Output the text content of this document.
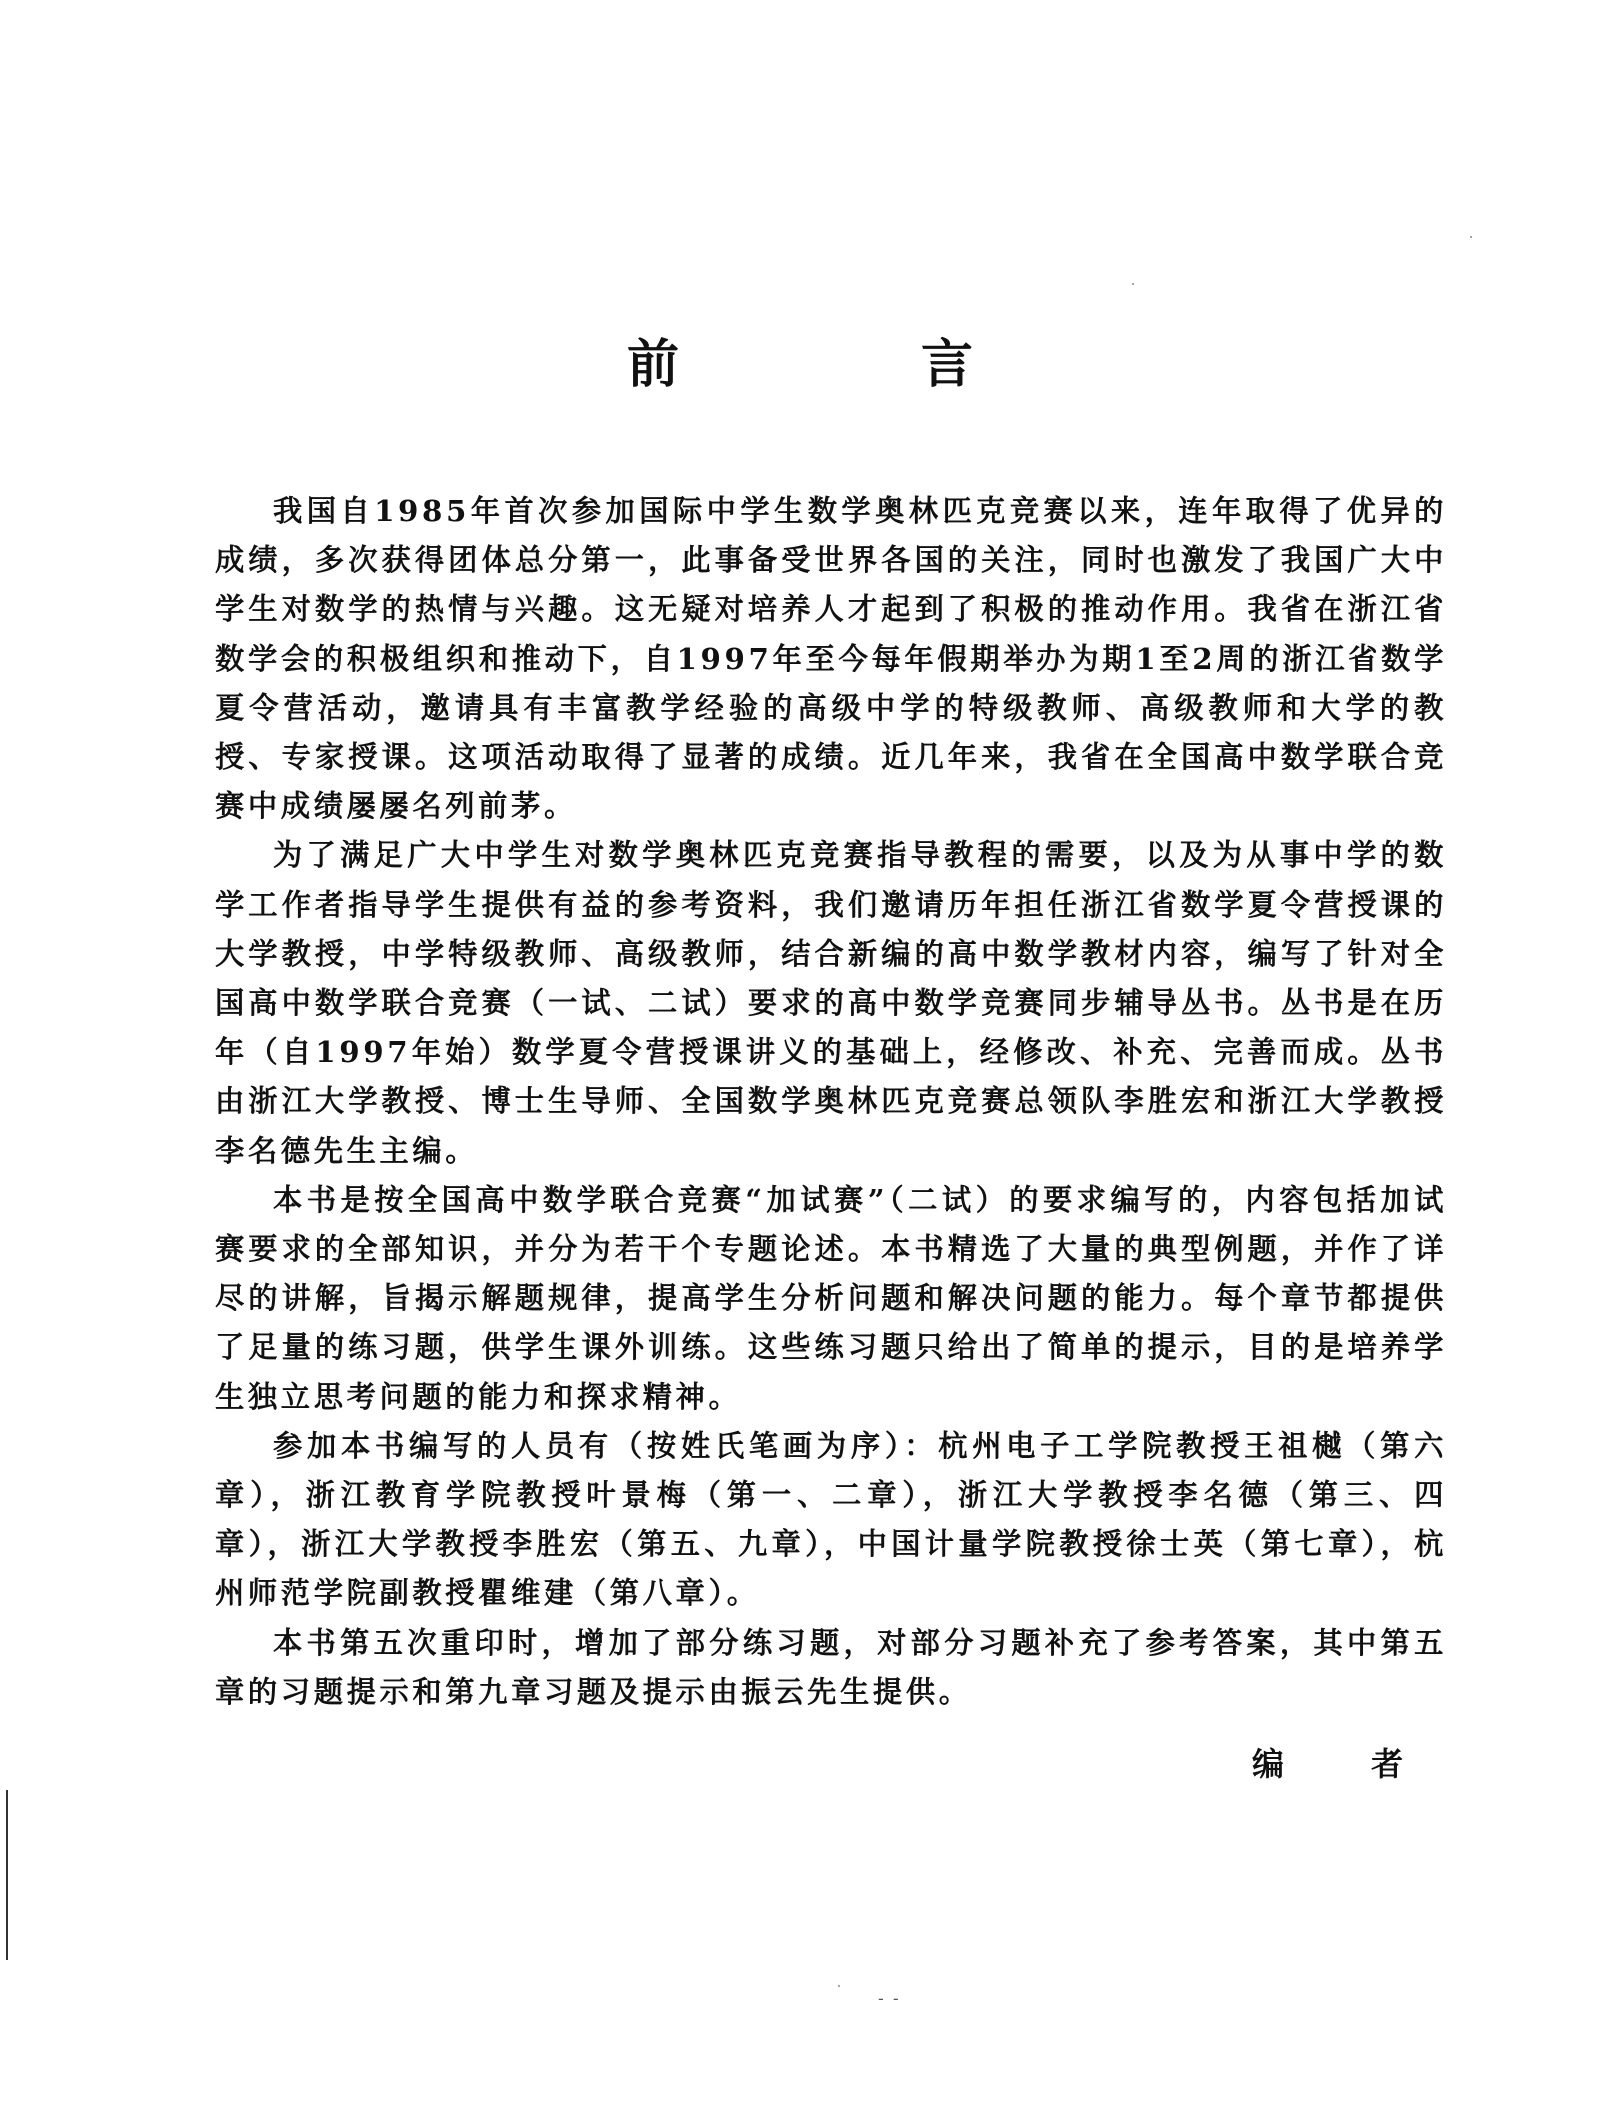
前 言

我国自1985年首次参加国际中学生数学奥林匹克竞赛以来，连年取得了优异的成绩，多次获得团体总分第一，此事备受世界各国的关注，同时也激发了我国广大中学生对数学的热情与兴趣。这无疑对培养人才起到了积极的推动作用。我省在浙江省数学会的积极组织和推动下，自1997年至今每年假期举办为期1至2周的浙江省数学夏令营活动，邀请具有丰富教学经验的高级中学的特级教师、高级教师和大学的教授、专家授课。这项活动取得了显著的成绩。近几年来，我省在全国高中数学联合竞赛中成绩屡屡名列前茅。

为了满足广大中学生对数学奥林匹克竞赛指导教程的需要，以及为从事中学的数学工作者指导学生提供有益的参考资料，我们邀请历年担任浙江省数学夏令营授课的大学教授，中学特级教师、高级教师，结合新编的高中数学教材内容，编写了针对全国高中数学联合竞赛（一试、二试）要求的高中数学竞赛同步辅导丛书。丛书是在历年（自1997年始）数学夏令营授课讲义的基础上，经修改、补充、完善而成。丛书由浙江大学教授、博士生导师、全国数学奥林匹克竞赛总领队李胜宏和浙江大学教授李名德先生主编。

本书是按全国高中数学联合竞赛“加试赛”（二试）的要求编写的，内容包括加试赛要求的全部知识，并分为若干个专题论述。本书精选了大量的典型例题，并作了详尽的讲解，旨揭示解题规律，提高学生分析问题和解决问题的能力。每个章节都提供了足量的练习题，供学生课外训练。这些练习题只给出了简单的提示，目的是培养学生独立思考问题的能力和探求精神。

参加本书编写的人员有（按姓氏笔画为序）：杭州电子工学院教授王祖樾（第六章），浙江教育学院教授叶景梅（第一、二章），浙江大学教授李名德（第三、四章），浙江大学教授李胜宏（第五、九章），中国计量学院教授徐士英（第七章），杭州师范学院副教授瞿维建（第八章）。

本书第五次重印时，增加了部分练习题，对部分习题补充了参考答案，其中第五章的习题提示和第九章习题及提示由振云先生提供。

编 者
- -
